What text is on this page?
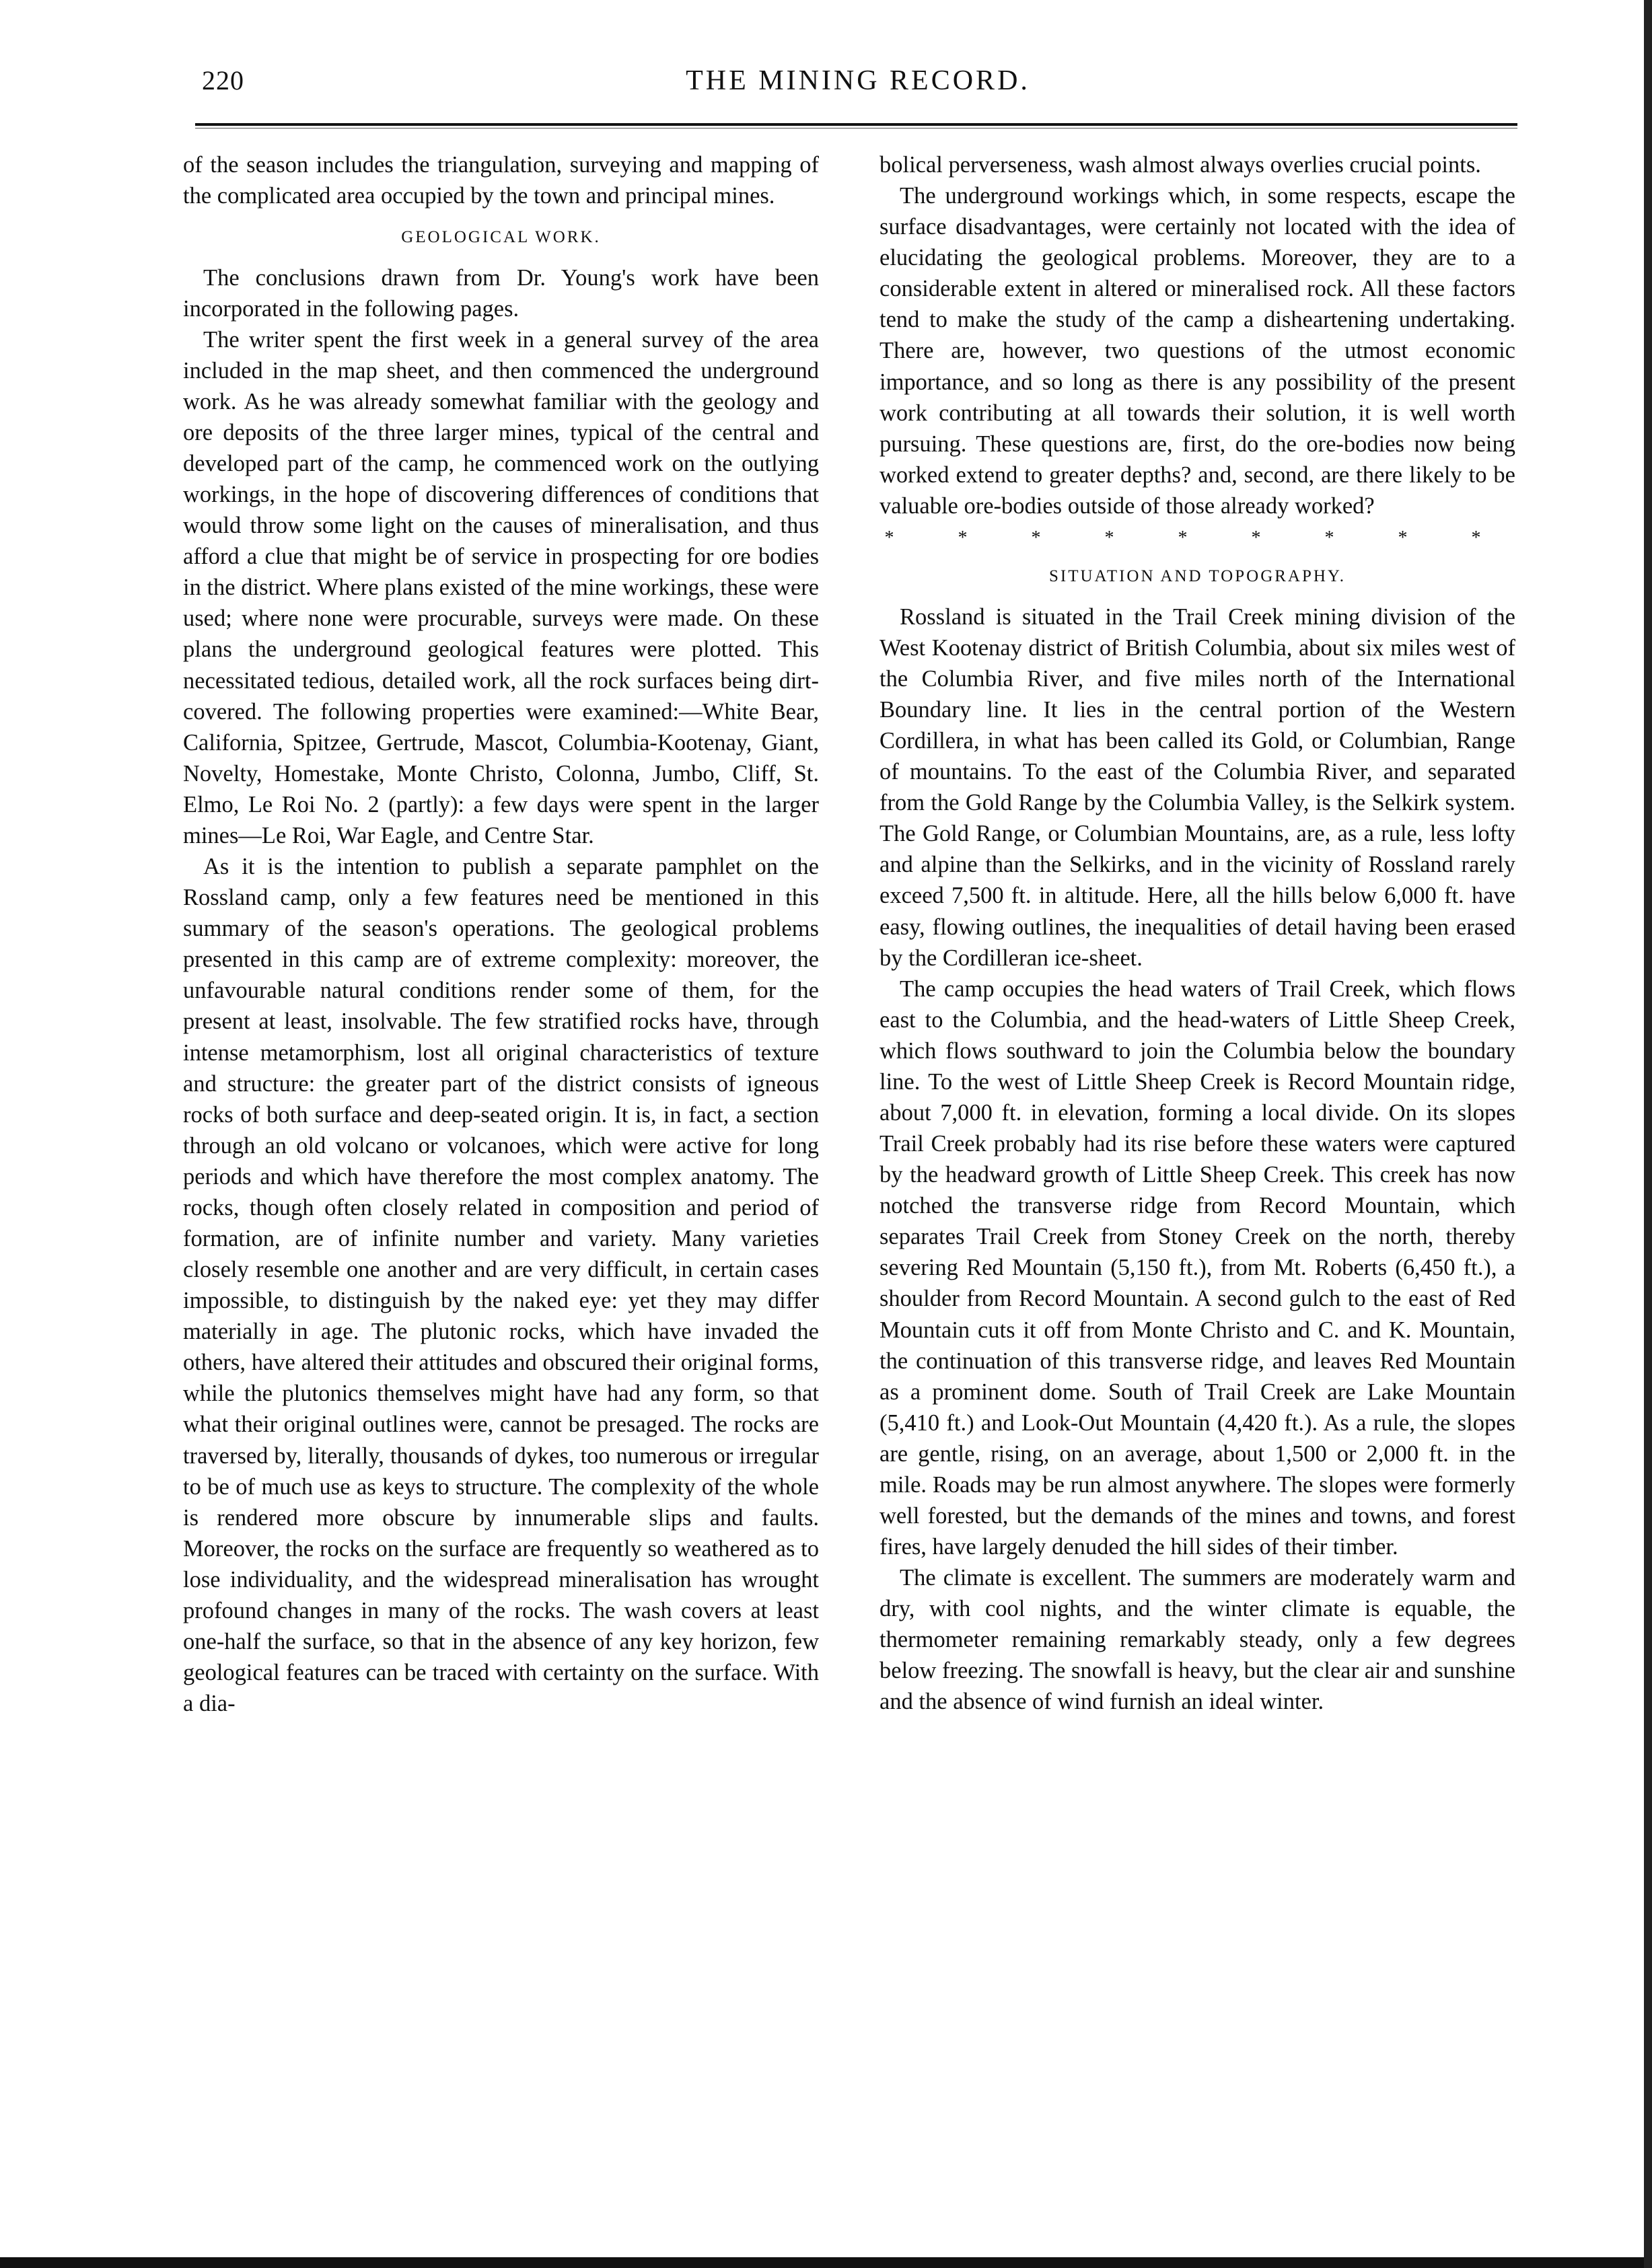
220	THE MINING RECORD.

of the season includes the triangulation, surveying and mapping of the complicated area occupied by the town and principal mines.

GEOLOGICAL WORK.

The conclusions drawn from Dr. Young's work have been incorporated in the following pages.

The writer spent the first week in a general survey of the area included in the map sheet, and then commenced the underground work. As he was already somewhat familiar with the geology and ore deposits of the three larger mines, typical of the central and developed part of the camp, he commenced work on the outlying workings, in the hope of discovering differences of conditions that would throw some light on the causes of mineralisation, and thus afford a clue that might be of service in prospecting for ore bodies in the district. Where plans existed of the mine workings, these were used; where none were procurable, surveys were made. On these plans the underground geological features were plotted. This necessitated tedious, detailed work, all the rock surfaces being dirt-covered. The following properties were examined:—White Bear, California, Spitzee, Gertrude, Mascot, Columbia-Kootenay, Giant, Novelty, Homestake, Monte Christo, Colonna, Jumbo, Cliff, St. Elmo, Le Roi No. 2 (partly): a few days were spent in the larger mines—Le Roi, War Eagle, and Centre Star.

As it is the intention to publish a separate pamphlet on the Rossland camp, only a few features need be mentioned in this summary of the season's operations. The geological problems presented in this camp are of extreme complexity: moreover, the unfavourable natural conditions render some of them, for the present at least, insolvable. The few stratified rocks have, through intense metamorphism, lost all original characteristics of texture and structure: the greater part of the district consists of igneous rocks of both surface and deep-seated origin. It is, in fact, a section through an old volcano or volcanoes, which were active for long periods and which have therefore the most complex anatomy. The rocks, though often closely related in composition and period of formation, are of infinite number and variety. Many varieties closely resemble one another and are very difficult, in certain cases impossible, to distinguish by the naked eye: yet they may differ materially in age. The plutonic rocks, which have invaded the others, have altered their attitudes and obscured their original forms, while the plutonics themselves might have had any form, so that what their original outlines were, cannot be presaged. The rocks are traversed by, literally, thousands of dykes, too numerous or irregular to be of much use as keys to structure. The complexity of the whole is rendered more obscure by innumerable slips and faults. Moreover, the rocks on the surface are frequently so weathered as to lose individuality, and the widespread mineralisation has wrought profound changes in many of the rocks. The wash covers at least one-half the surface, so that in the absence of any key horizon, few geological features can be traced with certainty on the surface. With a dia-

bolical perverseness, wash almost always overlies crucial points.

The underground workings which, in some respects, escape the surface disadvantages, were certainly not located with the idea of elucidating the geological problems. Moreover, they are to a considerable extent in altered or mineralised rock. All these factors tend to make the study of the camp a disheartening undertaking. There are, however, two questions of the utmost economic importance, and so long as there is any possibility of the present work contributing at all towards their solution, it is well worth pursuing. These questions are, first, do the ore-bodies now being worked extend to greater depths? and, second, are there likely to be valuable ore-bodies outside of those already worked?

* * * * * * * * *
SITUATION AND TOPOGRAPHY.

Rossland is situated in the Trail Creek mining division of the West Kootenay district of British Columbia, about six miles west of the Columbia River, and five miles north of the International Boundary line. It lies in the central portion of the Western Cordillera, in what has been called its Gold, or Columbian, Range of mountains. To the east of the Columbia River, and separated from the Gold Range by the Columbia Valley, is the Selkirk system. The Gold Range, or Columbian Mountains, are, as a rule, less lofty and alpine than the Selkirks, and in the vicinity of Rossland rarely exceed 7,500 ft. in altitude. Here, all the hills below 6,000 ft. have easy, flowing outlines, the inequalities of detail having been erased by the Cordilleran ice-sheet.

The camp occupies the head waters of Trail Creek, which flows east to the Columbia, and the head-waters of Little Sheep Creek, which flows southward to join the Columbia below the boundary line. To the west of Little Sheep Creek is Record Mountain ridge, about 7,000 ft. in elevation, forming a local divide. On its slopes Trail Creek probably had its rise before these waters were captured by the headward growth of Little Sheep Creek. This creek has now notched the transverse ridge from Record Mountain, which separates Trail Creek from Stoney Creek on the north, thereby severing Red Mountain (5,150 ft.), from Mt. Roberts (6,450 ft.), a shoulder from Record Mountain. A second gulch to the east of Red Mountain cuts it off from Monte Christo and C. and K. Mountain, the continuation of this transverse ridge, and leaves Red Mountain as a prominent dome. South of Trail Creek are Lake Mountain (5,410 ft.) and Look-Out Mountain (4,420 ft.). As a rule, the slopes are gentle, rising, on an average, about 1,500 or 2,000 ft. in the mile. Roads may be run almost anywhere. The slopes were formerly well forested, but the demands of the mines and towns, and forest fires, have largely denuded the hill sides of their timber.

The climate is excellent. The summers are moderately warm and dry, with cool nights, and the winter climate is equable, the thermometer remaining remarkably steady, only a few degrees below freezing. The snowfall is heavy, but the clear air and sunshine and the absence of wind furnish an ideal winter.
